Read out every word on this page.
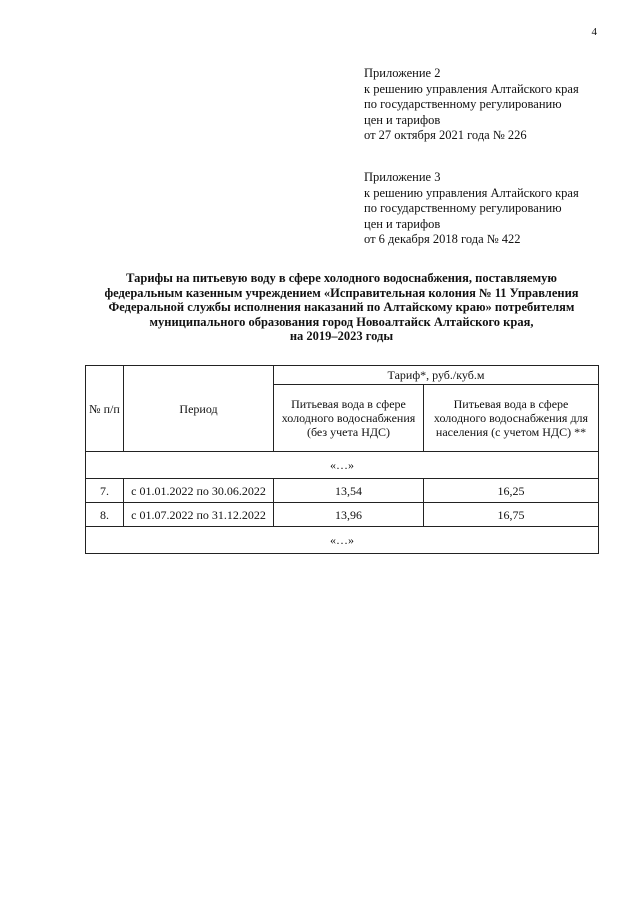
4
Приложение 2
к решению управления Алтайского края
по государственному регулированию
цен и тарифов
от 27 октября 2021 года № 226
Приложение 3
к решению управления Алтайского края
по государственному регулированию
цен и тарифов
от 6 декабря 2018 года № 422
Тарифы на питьевую воду в сфере холодного водоснабжения, поставляемую
федеральным казенным учреждением «Исправительная колония № 11 Управления
Федеральной службы исполнения наказаний по Алтайскому краю» потребителям
муниципального образования город Новоалтайск Алтайского края,
на 2019–2023 годы
№ п/п	Период	Тариф*, руб./куб.м	
		Питьевая вода в сфере холодного водоснабжения (без учета НДС)	Питьевая вода в сфере холодного водоснабжения для населения (с учетом НДС) **
«…»			
7.	с 01.01.2022 по 30.06.2022	13,54	16,25
8.	с 01.07.2022 по 31.12.2022	13,96	16,75
«…»			
